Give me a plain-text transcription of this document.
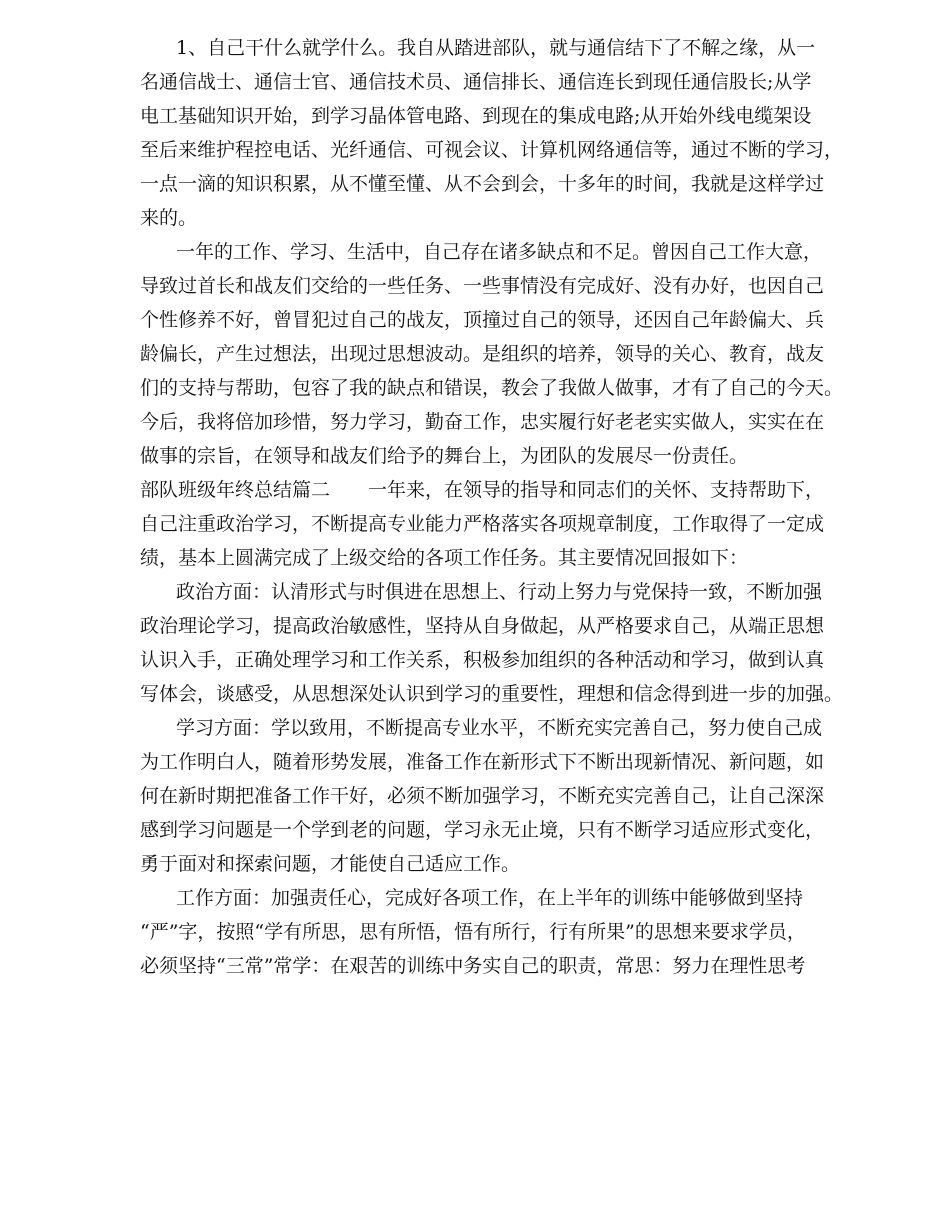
1、自己干什么就学什么。我自从踏进部队，就与通信结下了不解之缘，从一
名通信战士、通信士官、通信技术员、通信排长、通信连长到现任通信股长;从学
电工基础知识开始，到学习晶体管电路、到现在的集成电路;从开始外线电缆架设
至后来维护程控电话、光纤通信、可视会议、计算机网络通信等，通过不断的学习，
一点一滴的知识积累，从不懂至懂、从不会到会，十多年的时间，我就是这样学过
来的。
一年的工作、学习、生活中，自己存在诸多缺点和不足。曾因自己工作大意，
导致过首长和战友们交给的一些任务、一些事情没有完成好、没有办好，也因自己
个性修养不好，曾冒犯过自己的战友，顶撞过自己的领导，还因自己年龄偏大、兵
龄偏长，产生过想法，出现过思想波动。是组织的培养，领导的关心、教育，战友
们的支持与帮助，包容了我的缺点和错误，教会了我做人做事，才有了自己的今天。
今后，我将倍加珍惜，努力学习，勤奋工作，忠实履行好老老实实做人，实实在在
做事的宗旨，在领导和战友们给予的舞台上，为团队的发展尽一份责任。
部队班级年终总结篇二　　一年来，在领导的指导和同志们的关怀、支持帮助下，
自己注重政治学习，不断提高专业能力严格落实各项规章制度，工作取得了一定成
绩，基本上圆满完成了上级交给的各项工作任务。其主要情况回报如下：
政治方面：认清形式与时俱进在思想上、行动上努力与党保持一致，不断加强
政治理论学习，提高政治敏感性，坚持从自身做起，从严格要求自己，从端正思想
认识入手，正确处理学习和工作关系，积极参加组织的各种活动和学习，做到认真
写体会，谈感受，从思想深处认识到学习的重要性，理想和信念得到进一步的加强。
学习方面：学以致用，不断提高专业水平，不断充实完善自己，努力使自己成
为工作明白人，随着形势发展，准备工作在新形式下不断出现新情况、新问题，如
何在新时期把准备工作干好，必须不断加强学习，不断充实完善自己，让自己深深
感到学习问题是一个学到老的问题，学习永无止境，只有不断学习适应形式变化，
勇于面对和探索问题，才能使自己适应工作。
工作方面：加强责任心，完成好各项工作，在上半年的训练中能够做到坚持
“严”字，按照“学有所思，思有所悟，悟有所行，行有所果”的思想来要求学员，
必须坚持“三常”常学：在艰苦的训练中务实自己的职责，常思：努力在理性思考
